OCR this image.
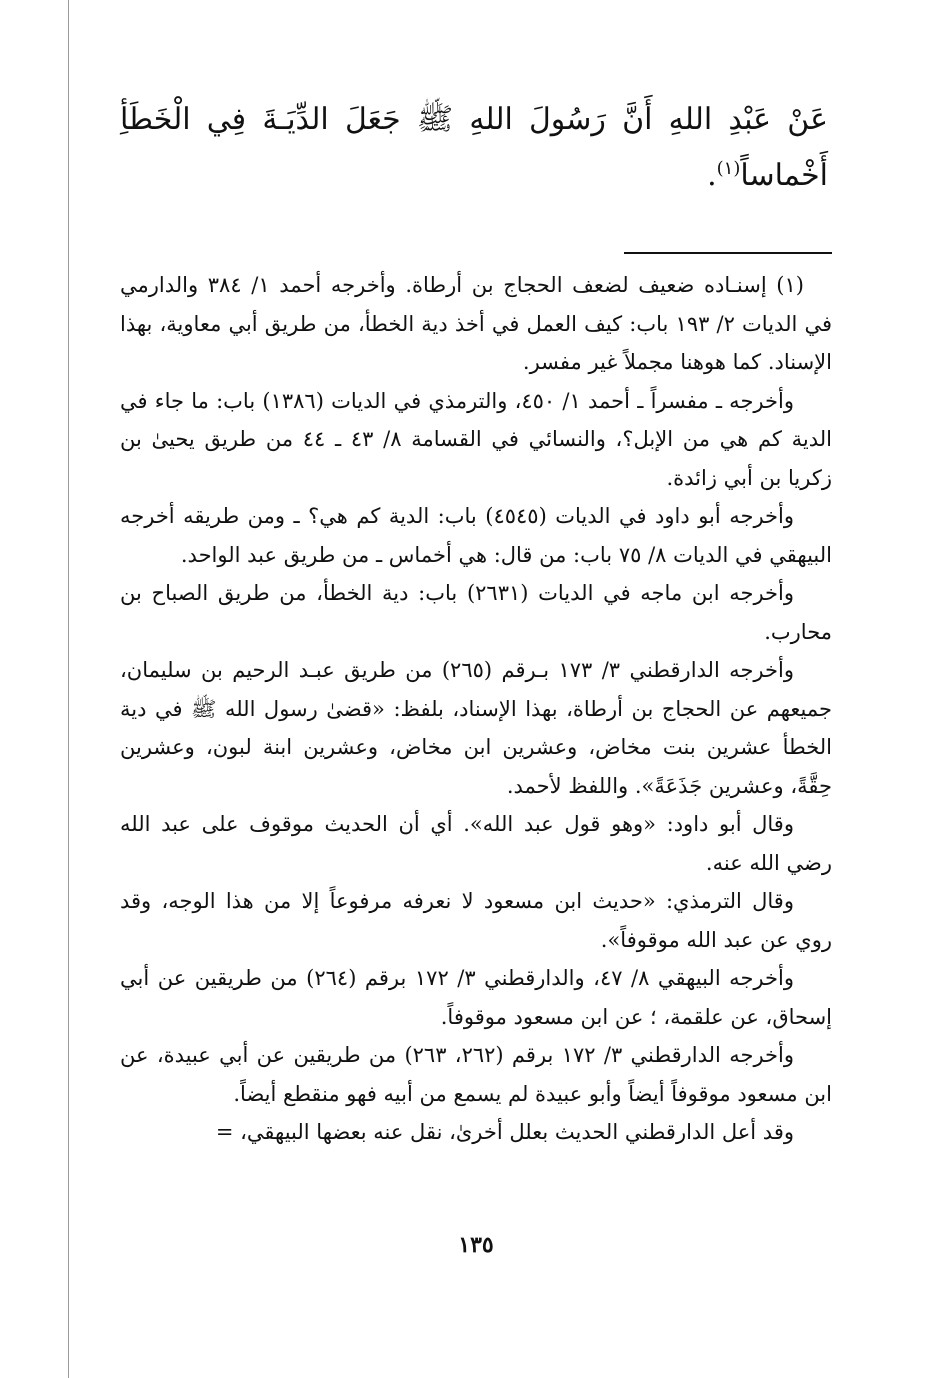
عَنْ عَبْدِ اللهِ أَنَّ رَسُولَ اللهِ ﷺ جَعَلَ الدِّيَـةَ فِي الْخَطَأِ أَخْماساً$^{(١)}$.

(١) إسنـاده ضعيف لضعف الحجاج بن أرطاة. وأخرجه أحمد ١/ ٣٨٤ والدارمي في الديات ٢/ ١٩٣ باب: كيف العمل في أخذ دية الخطأ، من طريق أبي معاوية، بهذا الإسناد. كما هوهنا مجملاً غير مفسر.

وأخرجه ـ مفسراً ـ أحمد ١/ ٤٥٠، والترمذي في الديات (١٣٨٦) باب: ما جاء في الدية كم هي من الإبل؟، والنسائي في القسامة ٨/ ٤٣ ـ ٤٤ من طريق يحيىٰ بن زكريا بن أبي زائدة.

وأخرجه أبو داود في الديات (٤٥٤٥) باب: الدية كم هي؟ ـ ومن طريقه أخرجه البيهقي في الديات ٨/ ٧٥ باب: من قال: هي أخماس ـ من طريق عبد الواحد.

وأخرجه ابن ماجه في الديات (٢٦٣١) باب: دية الخطأ، من طريق الصباح بن محارب.

وأخرجه الدارقطني ٣/ ١٧٣ بـرقم (٢٦٥) من طريق عبـد الرحيم بن سليمان، جميعهم عن الحجاج بن أرطاة، بهذا الإسناد، بلفظ: «قضىٰ رسول الله ﷺ في دية الخطأ عشرين بنت مخاض، وعشرين ابن مخاض، وعشرين ابنة لبون، وعشرين حِقَّةً، وعشرين جَذَعَةً». واللفظ لأحمد.

وقال أبو داود: «وهو قول عبد الله». أي أن الحديث موقوف على عبد الله رضي الله عنه.

وقال الترمذي: «حديث ابن مسعود لا نعرفه مرفوعاً إلا من هذا الوجه، وقد روي عن عبد الله موقوفاً».

وأخرجه البيهقي ٨/ ٤٧، والدارقطني ٣/ ١٧٢ برقم (٢٦٤) من طريقين عن أبي إسحاق، عن علقمة، ؛ عن ابن مسعود موقوفاً.

وأخرجه الدارقطني ٣/ ١٧٢ برقم (٢٦٢، ٢٦٣) من طريقين عن أبي عبيدة، عن ابن مسعود موقوفاً أيضاً وأبو عبيدة لم يسمع من أبيه فهو منقطع أيضاً.

وقد أعل الدارقطني الحديث بعلل أخرىٰ، نقل عنه بعضها البيهقي، =

١٣٥
